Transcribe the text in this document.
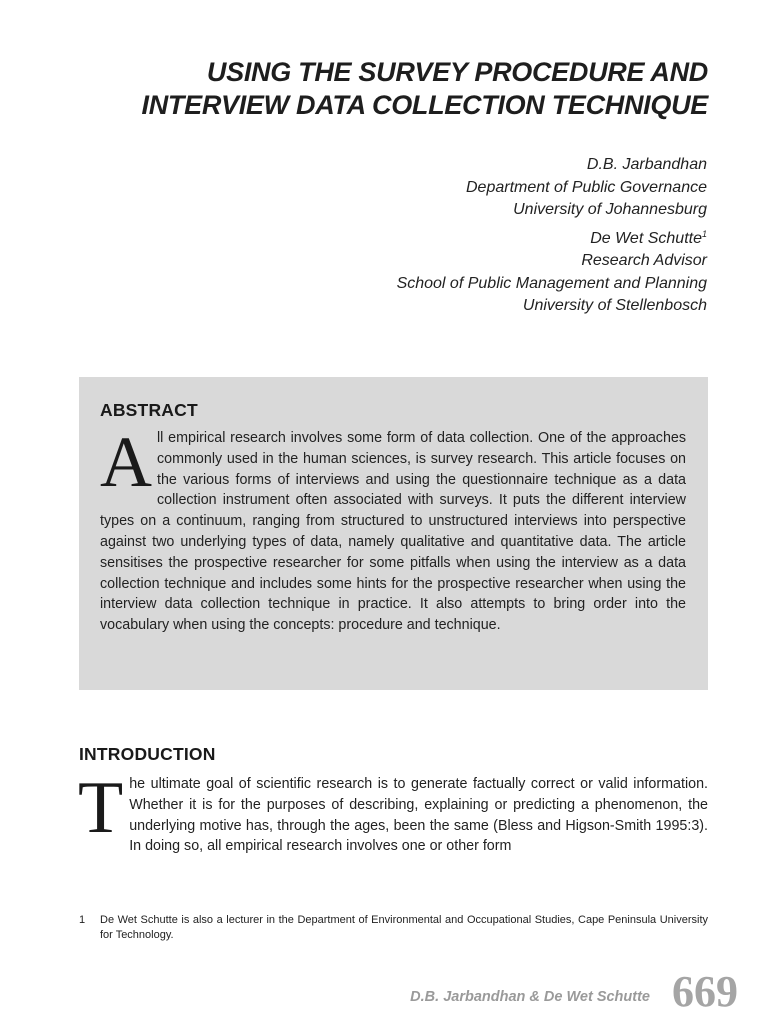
USING THE SURVEY PROCEDURE AND
INTERVIEW DATA COLLECTION TECHNIQUE
D.B. Jarbandhan
Department of Public Governance
University of Johannesburg
De Wet Schutte$^1$
Research Advisor
School of Public Management and Planning
University of Stellenbosch
ABSTRACT

All empirical research involves some form of data collection. One of the approaches commonly used in the human sciences, is survey research. This article focuses on the various forms of interviews and using the questionnaire technique as a data collection instrument often associated with surveys. It puts the different interview types on a continuum, ranging from structured to unstructured interviews into perspective against two underlying types of data, namely qualitative and quantitative data. The article sensitises the prospective researcher for some pitfalls when using the interview as a data collection technique and includes some hints for the prospective researcher when using the interview data collection technique in practice. It also attempts to bring order into the vocabulary when using the concepts: procedure and technique.

INTRODUCTION

The ultimate goal of scientific research is to generate factually correct or valid information. Whether it is for the purposes of describing, explaining or predicting a phenomenon, the underlying motive has, through the ages, been the same (Bless and Higson-Smith 1995:3). In doing so, all empirical research involves one or other form

1	De Wet Schutte is also a lecturer in the Department of Environmental and Occupational Studies, Cape Peninsula University for Technology.
D.B. Jarbandhan & De Wet Schutte 669
